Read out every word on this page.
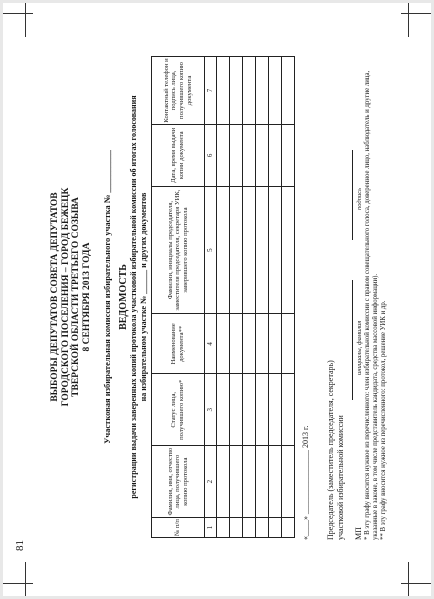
81
ВЫБОРЫ ДЕПУТАТОВ СОВЕТА ДЕПУТАТОВ ГОРОДСКОГО ПОСЕЛЕНИЯ – ГОРОД БЕЖЕЦК ТВЕРСКОЙ ОБЛАСТИ ТРЕТЬЕГО СОЗЫВА 8 СЕНТЯБРЯ 2013 ГОДА Участковая избирательная комиссия избирательного участка № __________ ВЕДОМОСТЬ регистрации выдачи заверенных копий протокола участковой избирательной комиссии об итогах голосования на избирательном участке № ______ и других документов
№ п/п	Фамилия, имя, отчество лица, получившего копию протокола	Статус лица, получившего копию*	Наименование документа**	Фамилии, инициалы председателя, заместителя председателя, секретаря УИК, заверившего копию протокола	Дата, время выдачи копии документа	Контактный телефон и подпись лица, получившего копию документа
1	2	3	4	5	6	7

«____» ________________ 2013 г. Председатель (заместитель председателя, секретарь) участковой избирательной комиссии МП
инициалы, фамилия
подпись * В эту графу вносится нужное из перечисленного: член избирательной комиссии с правом совещательного голоса, доверенное лицо, наблюдатель и другие лица, указанные в законе, в том числе представитель кандидата, средства массовой информации). ** В эту графу вносится нужное из перечисленного: протокол, решение УИК и др.
